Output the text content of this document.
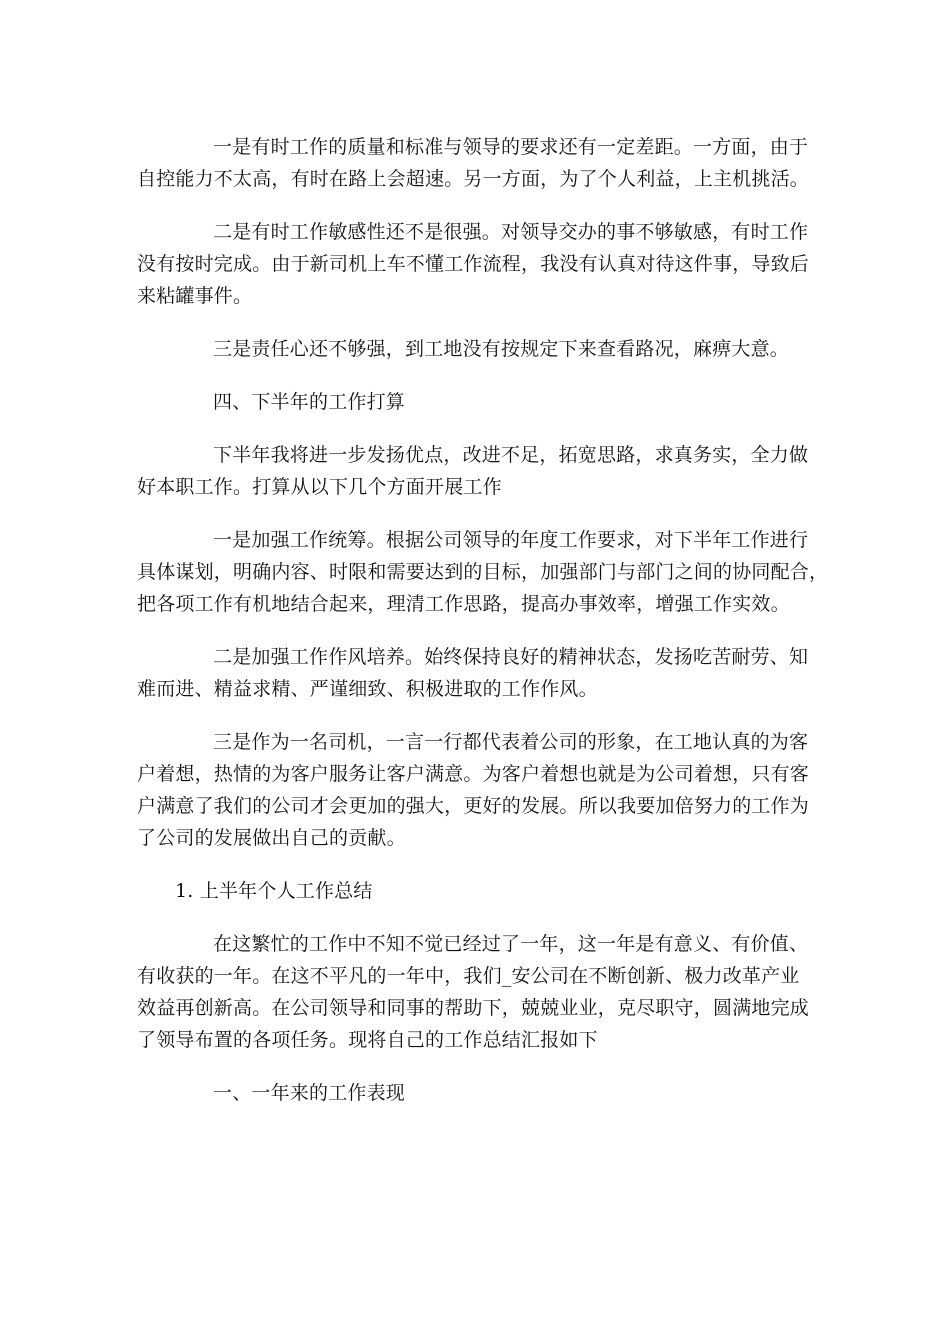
一是有时工作的质量和标准与领导的要求还有一定差距。一方面，由于
自控能力不太高，有时在路上会超速。另一方面，为了个人利益，上主机挑活。

二是有时工作敏感性还不是很强。对领导交办的事不够敏感，有时工作
没有按时完成。由于新司机上车不懂工作流程，我没有认真对待这件事，导致后
来粘罐事件。

三是责任心还不够强，到工地没有按规定下来查看路况，麻痹大意。

四、下半年的工作打算

下半年我将进一步发扬优点，改进不足，拓宽思路，求真务实，全力做
好本职工作。打算从以下几个方面开展工作

一是加强工作统筹。根据公司领导的年度工作要求，对下半年工作进行
具体谋划，明确内容、时限和需要达到的目标，加强部门与部门之间的协同配合，
把各项工作有机地结合起来，理清工作思路，提高办事效率，增强工作实效。

二是加强工作作风培养。始终保持良好的精神状态，发扬吃苦耐劳、知
难而进、精益求精、严谨细致、积极进取的工作作风。

三是作为一名司机，一言一行都代表着公司的形象，在工地认真的为客
户着想，热情的为客户服务让客户满意。为客户着想也就是为公司着想，只有客
户满意了我们的公司才会更加的强大，更好的发展。所以我要加倍努力的工作为
了公司的发展做出自己的贡献。

1. 上半年个人工作总结

在这繁忙的工作中不知不觉已经过了一年，这一年是有意义、有价值、
有收获的一年。在这不平凡的一年中，我们_安公司在不断创新、极力改革产业
效益再创新高。在公司领导和同事的帮助下，兢兢业业，克尽职守，圆满地完成
了领导布置的各项任务。现将自己的工作总结汇报如下

一、一年来的工作表现
